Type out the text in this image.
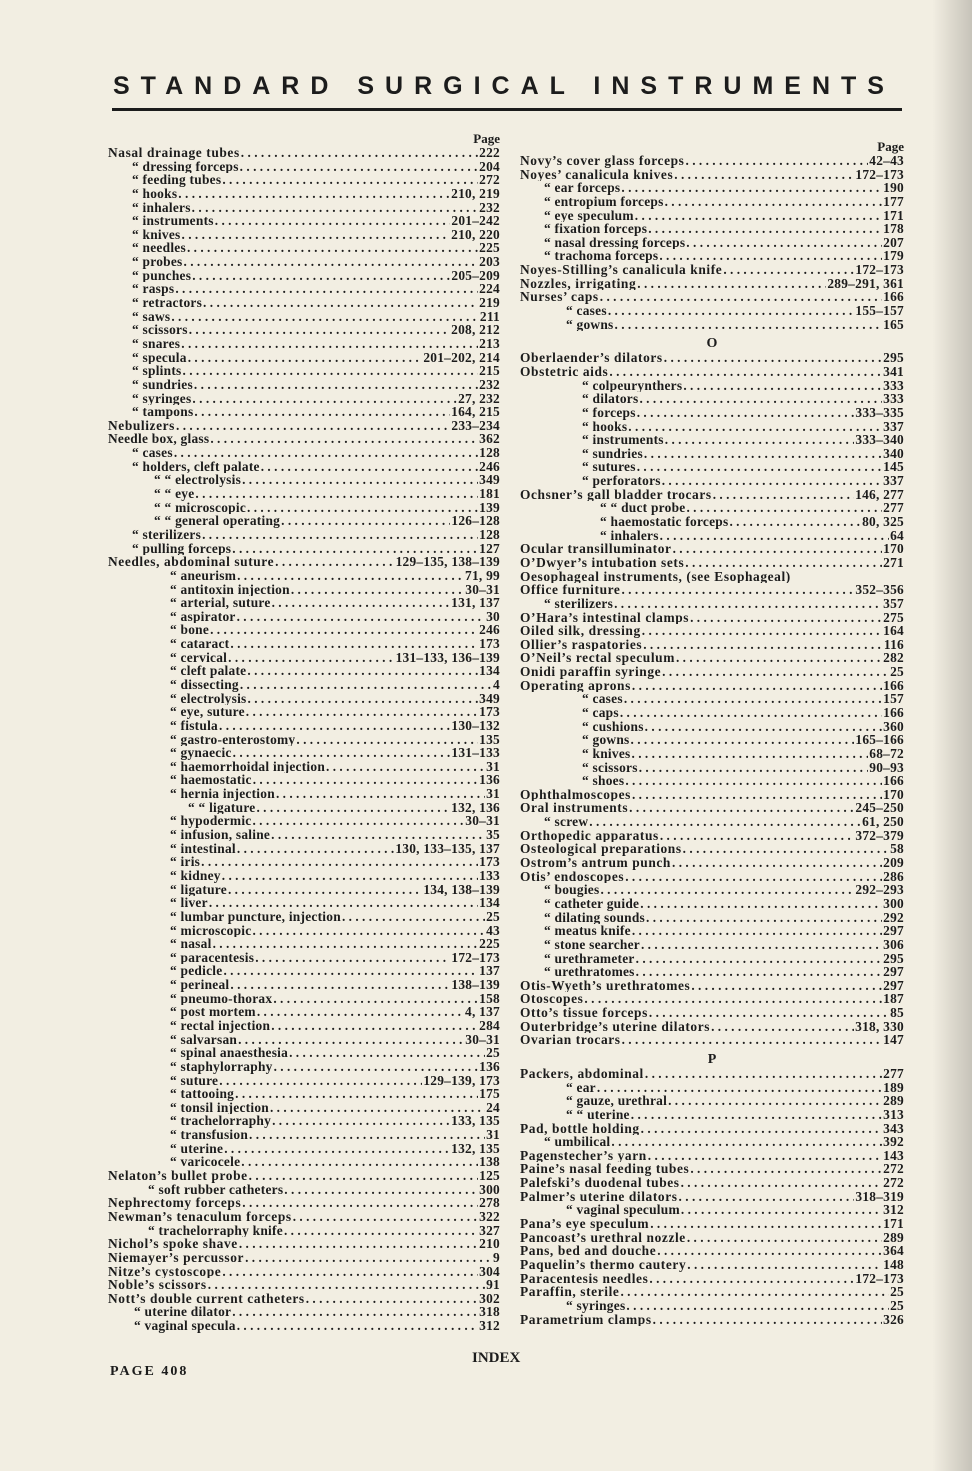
STANDARD SURGICAL INSTRUMENTS
Page
Nasal drainage tubes . . .	222
“ dressing forceps . . .	204
“ feeding tubes . . .	272
“ hooks . . .	210, 219
“ inhalers . . .	232
“ instruments . . .	201–242
“ knives . . .	210, 220
“ needles . . .	225
“ probes . . .	203
“ punches . . .	205–209
“ rasps . . .	224
“ retractors . . .	219
“ saws . . .	211
“ scissors . . .	208, 212
“ snares . . .	213
“ specula . . .	201–202, 214
“ splints . . .	215
“ sundries . . .	232
“ syringes . . .	27, 232
“ tampons . . .	164, 215
Nebulizers . . .	233–234
Needle box, glass . . .	362
“ cases . . .	128
“ holders, cleft palate . . .	246
“ “ electrolysis . . .	349
“ “ eye . . .	181
“ “ microscopic . . .	139
“ “ general operating . . .	126–128
“ sterilizers . . .	128
“ pulling forceps . . .	127
Needles, abdominal suture . . .	129–135, 138–139
“ aneurism . . .	71, 99
“ antitoxin injection . . .	30–31
“ arterial, suture . . .	131, 137
“ aspirator . . .	30
“ bone . . .	246
“ cataract . . .	173
“ cervical . . .	131–133, 136–139
“ cleft palate . . .	134
“ dissecting . . .	4
“ electrolysis . . .	349
“ eye, suture . . .	173
“ fistula . . .	130–132
“ gastro-enterostomy . . .	135
“ gynaecic . . .	131–133
“ haemorrhoidal injection . . .	31
“ haemostatic . . .	136
“ hernia injection . . .	31
“ “ ligature . . .	132, 136
“ hypodermic . . .	30–31
“ infusion, saline . . .	35
“ intestinal . . .	130, 133–135, 137
“ iris . . .	173
“ kidney . . .	133
“ ligature . . .	134, 138–139
“ liver . . .	134
“ lumbar puncture, injection . . .	25
“ microscopic . . .	43
“ nasal . . .	225
“ paracentesis . . .	172–173
“ pedicle . . .	137
“ perineal . . .	138–139
“ pneumo-thorax . . .	158
“ post mortem . . .	4, 137
“ rectal injection . . .	284
“ salvarsan . . .	30–31
“ spinal anaesthesia . . .	25
“ staphylorraphy . . .	136
“ suture . . .	129–139, 173
“ tattooing . . .	175
“ tonsil injection . . .	24
“ trachelorraphy . . .	133, 135
“ transfusion . . .	31
“ uterine . . .	132, 135
“ varicocele . . .	138
Nelaton’s bullet probe . . .	125
“ soft rubber catheters . . .	300
Nephrectomy forceps . . .	278
Newman’s tenaculum forceps . . .	322
“ trachelorraphy knife . . .	327
Nichol’s spoke shave . . .	210
Niemayer’s percussor . . .	9
Nitze’s cystoscope . . .	304
Noble’s scissors . . .	91
Nott’s double current catheters . . .	302
“ uterine dilator . . .	318
“ vaginal specula . . .	312
Page
Novy’s cover glass forceps . . .	42–43
Noyes’ canalicula knives . . .	172–173
“ ear forceps . . .	190
“ entropium forceps . . .	177
“ eye speculum . . .	171
“ fixation forceps . . .	178
“ nasal dressing forceps . . .	207
“ trachoma forceps . . .	179
Noyes-Stilling’s canalicula knife . . .	172–173
Nozzles, irrigating . . .	289–291, 361
Nurses’ caps . . .	166
“ cases . . .	155–157
“ gowns . . .	165
O
Oberlaender’s dilators . . .	295
Obstetric aids . . .	341
“ colpeurynthers . . .	333
“ dilators . . .	333
“ forceps . . .	333–335
“ hooks . . .	337
“ instruments . . .	333–340
“ sundries . . .	340
“ sutures . . .	145
“ perforators . . .	337
Ochsner’s gall bladder trocars . . .	146, 277
“ “ duct probe . . .	277
“ haemostatic forceps . . .	80, 325
“ inhalers . . .	64
Ocular transilluminator . . .	170
O’Dwyer’s intubation sets . . .	271
Oesophageal instruments, (see Esophageal)
Office furniture . . .	352–356
“ sterilizers . . .	357
O’Hara’s intestinal clamps . . .	275
Oiled silk, dressing . . .	164
Ollier’s raspatories . . .	116
O’Neil’s rectal speculum . . .	282
Onidi paraffin syringe . . .	25
Operating aprons . . .	166
“ cases . . .	157
“ caps . . .	166
“ cushions . . .	360
“ gowns . . .	165–166
“ knives . . .	68–72
“ scissors . . .	90–93
“ shoes . . .	166
Ophthalmoscopes . . .	170
Oral instruments . . .	245–250
“ screw . . .	61, 250
Orthopedic apparatus . . .	372–379
Osteological preparations . . .	58
Ostrom’s antrum punch . . .	209
Otis’ endoscopes . . .	286
“ bougies . . .	292–293
“ catheter guide . . .	300
“ dilating sounds . . .	292
“ meatus knife . . .	297
“ stone searcher . . .	306
“ urethrameter . . .	295
“ urethratomes . . .	297
Otis-Wyeth’s urethratomes . . .	297
Otoscopes . . .	187
Otto’s tissue forceps . . .	85
Outerbridge’s uterine dilators . . .	318, 330
Ovarian trocars . . .	147
P
Packers, abdominal . . .	277
“ ear . . .	189
“ gauze, urethral . . .	289
“ “ uterine . . .	313
Pad, bottle holding . . .	343
“ umbilical . . .	392
Pagenstecher’s yarn . . .	143
Paine’s nasal feeding tubes . . .	272
Palefski’s duodenal tubes . . .	272
Palmer’s uterine dilators . . .	318–319
“ vaginal speculum . . .	312
Pana’s eye speculum . . .	171
Pancoast’s urethral nozzle . . .	289
Pans, bed and douche . . .	364
Paquelin’s thermo cautery . . .	148
Paracentesis needles . . .	172–173
Paraffin, sterile . . .	25
“ syringes . . .	25
Parametrium clamps . . .	326
PAGE 408
INDEX
